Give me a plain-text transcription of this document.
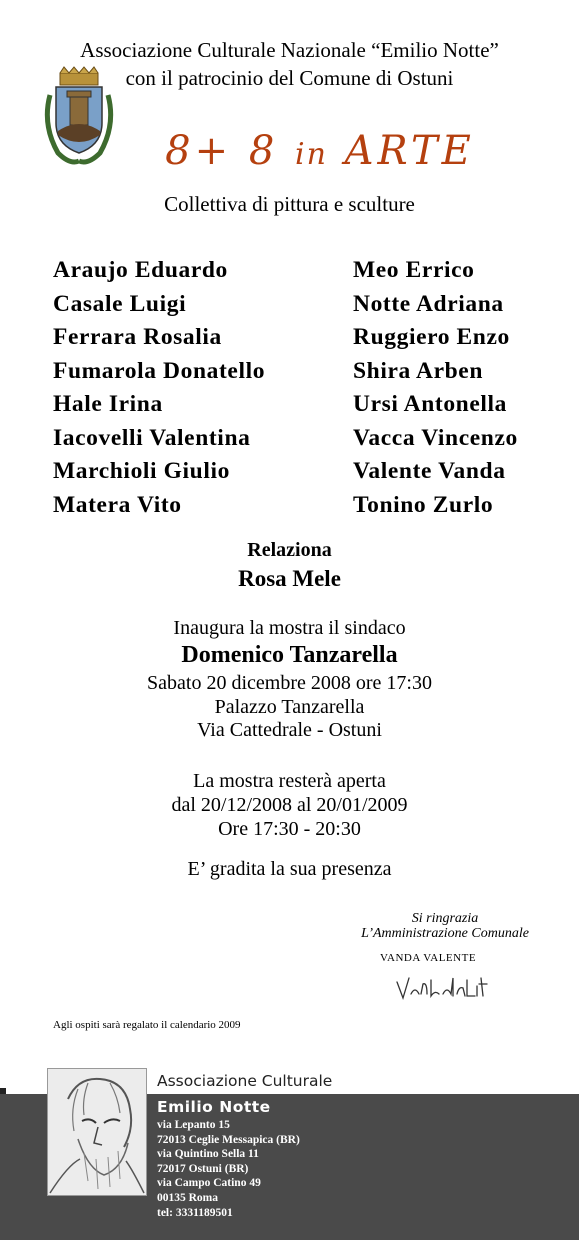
Associazione Culturale Nazionale “Emilio Notte”
con il patrocinio del Comune di Ostuni
8+ 8 in ARTE
Collettiva di pittura e sculture
Araujo Eduardo
Casale Luigi
Ferrara Rosalia
Fumarola Donatello
Hale Irina
Iacovelli Valentina
Marchioli Giulio
Matera Vito
Meo Errico
Notte Adriana
Ruggiero Enzo
Shira Arben
Ursi Antonella
Vacca Vincenzo
Valente Vanda
Tonino Zurlo
Relaziona
Rosa Mele
Inaugura la mostra il sindaco
Domenico Tanzarella
Sabato 20 dicembre 2008 ore 17:30
Palazzo Tanzarella
Via Cattedrale - Ostuni
La mostra resterà aperta
dal 20/12/2008 al 20/01/2009
Ore 17:30 - 20:30
E’ gradita la sua presenza
Si ringrazia
L’Amministrazione Comunale
VANDA VALENTE
Agli ospiti sarà regalato il calendario 2009
Associazione Culturale
Emilio Notte
via Lepanto 15
72013 Ceglie Messapica (BR)
via Quintino Sella 11
72017 Ostuni (BR)
via Campo Catino 49
00135 Roma
tel: 3331189501
